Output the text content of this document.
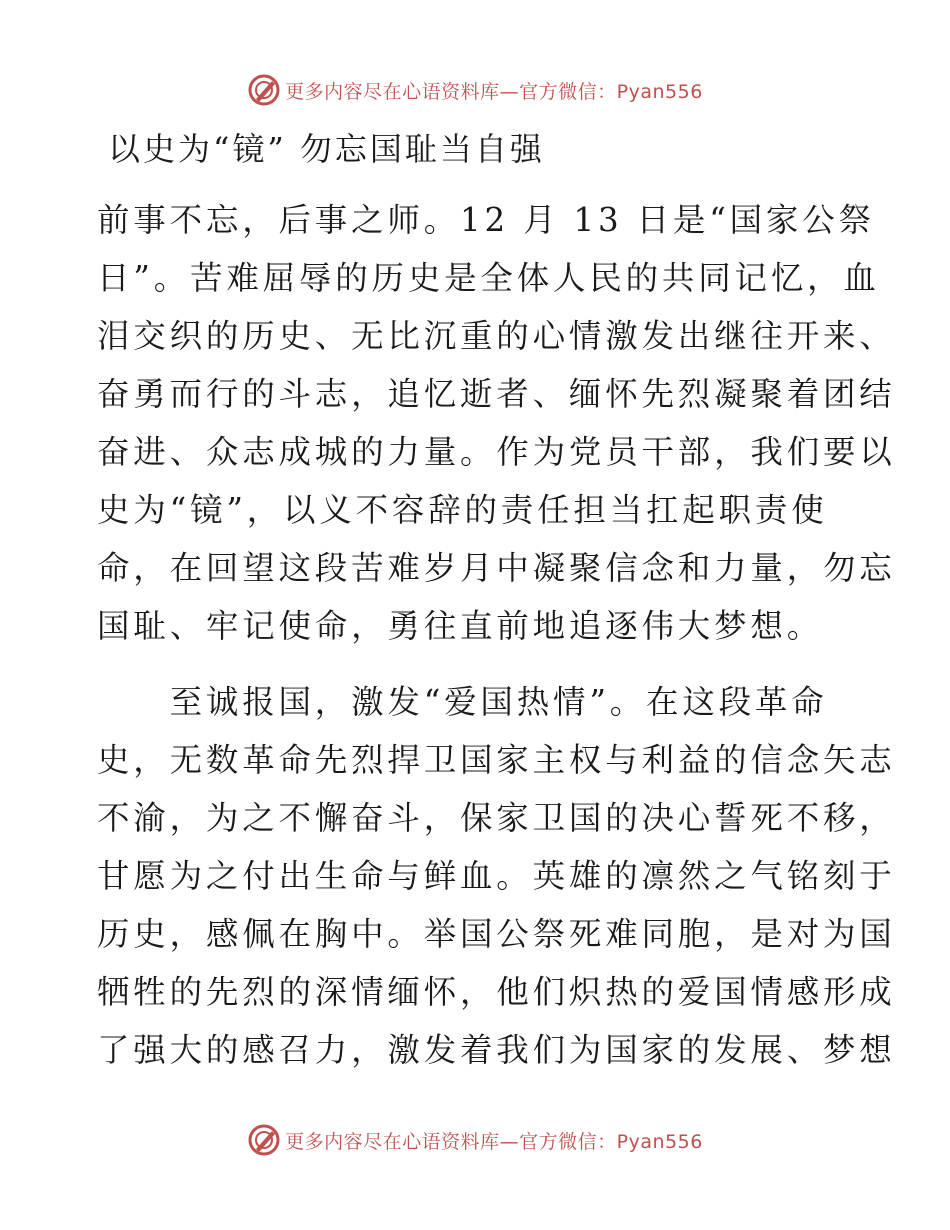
更多内容尽在心语资料库—官方微信：Pyan556
以史为“镜” 勿忘国耻当自强

前事不忘，后事之师。12 月 13 日是“国家公祭

日”。苦难屈辱的历史是全体人民的共同记忆，血

泪交织的历史、无比沉重的心情激发出继往开来、

奋勇而行的斗志，追忆逝者、缅怀先烈凝聚着团结

奋进、众志成城的力量。作为党员干部，我们要以

史为“镜”，以义不容辞的责任担当扛起职责使

命，在回望这段苦难岁月中凝聚信念和力量，勿忘

国耻、牢记使命，勇往直前地追逐伟大梦想。

　　至诚报国，激发“爱国热情”。在这段革命

史，无数革命先烈捍卫国家主权与利益的信念矢志

不渝，为之不懈奋斗，保家卫国的决心誓死不移，

甘愿为之付出生命与鲜血。英雄的凛然之气铭刻于

历史，感佩在胸中。举国公祭死难同胞，是对为国

牺牲的先烈的深情缅怀，他们炽热的爱国情感形成

了强大的感召力，激发着我们为国家的发展、梦想

更多内容尽在心语资料库—官方微信：Pyan556
